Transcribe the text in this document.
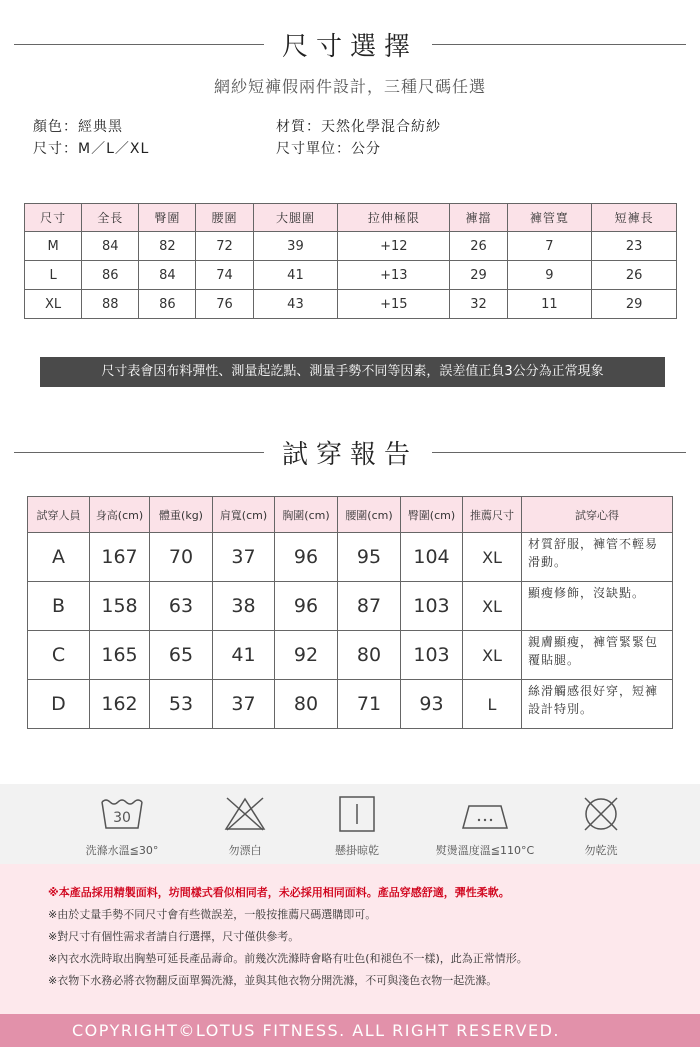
尺寸選擇
網紗短褲假兩件設計，三種尺碼任選
顏色：經典黑
尺寸：M／L／XL
材質：天然化學混合紡紗
尺寸單位：公分
尺寸	全長	臀圍	腰圍	大腿圍	拉伸極限	褲擋	褲管寬	短褲長
M	84	82	72	39	+12	26	7	23
L	86	84	74	41	+13	29	9	26
XL	88	86	76	43	+15	32	11	29
尺寸表會因布料彈性、測量起訖點、測量手勢不同等因素，誤差值正負3公分為正常現象
試穿報告
試穿人員	身高(cm)	體重(kg)	肩寬(cm)	胸圍(cm)	腰圍(cm)	臀圍(cm)	推薦尺寸	試穿心得
A	167	70	37	96	95	104	XL	材質舒服，褲管不輕易滑動。
B	158	63	38	96	87	103	XL	顯瘦修飾，沒缺點。
C	165	65	41	92	80	103	XL	親膚顯瘦，褲管緊緊包覆貼腿。
D	162	53	37	80	71	93	L	絲滑觸感很好穿，短褲設計特別。
30
洗滌水溫≦30°	勿漂白	懸掛晾乾	熨燙溫度溫≦110°C	勿乾洗

※本產品採用精製面料，坊間樣式看似相同者，未必採用相同面料。產品穿感舒適，彈性柔軟。

※由於丈量手勢不同尺寸會有些微誤差，一般按推薦尺碼選購即可。

※對尺寸有個性需求者請自行選擇，尺寸僅供參考。

※內衣水洗時取出胸墊可延長產品壽命。前幾次洗滌時會略有吐色(和褪色不一樣)，此為正常情形。

※衣物下水務必將衣物翻反面單獨洗滌，並與其他衣物分開洗滌，不可與淺色衣物一起洗滌。

COPYRIGHT©LOTUS FITNESS. ALL RIGHT RESERVED.
